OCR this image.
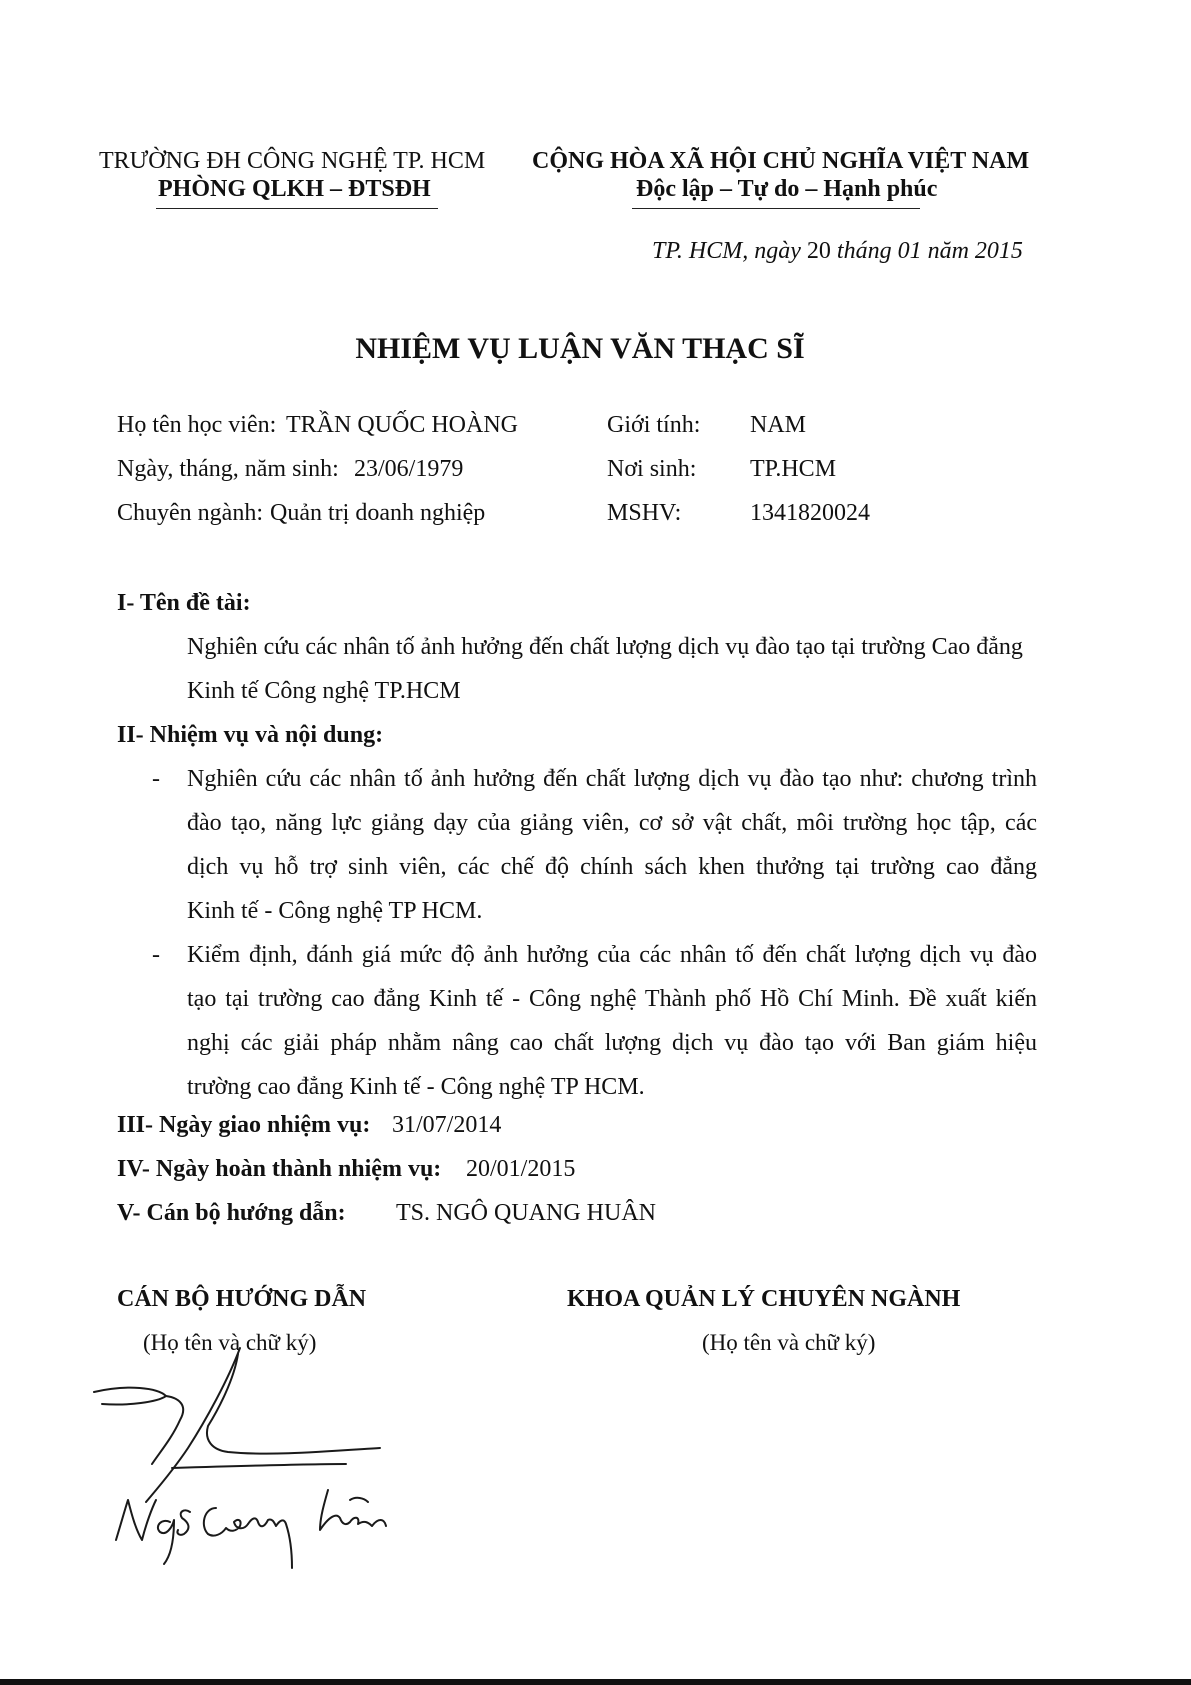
TRƯỜNG ĐH CÔNG NGHỆ TP. HCM
PHÒNG QLKH – ĐTSĐH
CỘNG HÒA XÃ HỘI CHỦ NGHĨA VIỆT NAM
Độc lập – Tự do – Hạnh phúc
TP. HCM, ngày 20 tháng 01 năm 2015
NHIỆM VỤ LUẬN VĂN THẠC SĨ
Họ tên học viên: TRẦN QUỐC HOÀNG	Giới tính: NAM
Ngày, tháng, năm sinh: 23/06/1979	Nơi sinh: TP.HCM
Chuyên ngành: Quản trị doanh nghiệp	MSHV:	1341820024
I- Tên đề tài:
Nghiên cứu các nhân tố ảnh hưởng đến chất lượng dịch vụ đào tạo tại trường Cao đẳng
Kinh tế Công nghệ TP.HCM
II- Nhiệm vụ và nội dung:
- Nghiên cứu các nhân tố ảnh hưởng đến chất lượng dịch vụ đào tạo như: chương trình
đào tạo, năng lực giảng dạy của giảng viên, cơ sở vật chất, môi trường học tập, các
dịch vụ hỗ trợ sinh viên, các chế độ chính sách khen thưởng tại trường cao đẳng
Kinh tế - Công nghệ TP HCM.
- Kiểm định, đánh giá mức độ ảnh hưởng của các nhân tố đến chất lượng dịch vụ đào
tạo tại trường cao đẳng Kinh tế - Công nghệ Thành phố Hồ Chí Minh. Đề xuất kiến
nghị các giải pháp nhằm nâng cao chất lượng dịch vụ đào tạo với Ban giám hiệu
trường cao đẳng Kinh tế - Công nghệ TP HCM.
III- Ngày giao nhiệm vụ: 31/07/2014
IV- Ngày hoàn thành nhiệm vụ: 20/01/2015
V- Cán bộ hướng dẫn: TS. NGÔ QUANG HUÂN
CÁN BỘ HƯỚNG DẪN
(Họ tên và chữ ký)
KHOA QUẢN LÝ CHUYÊN NGÀNH
(Họ tên và chữ ký)
